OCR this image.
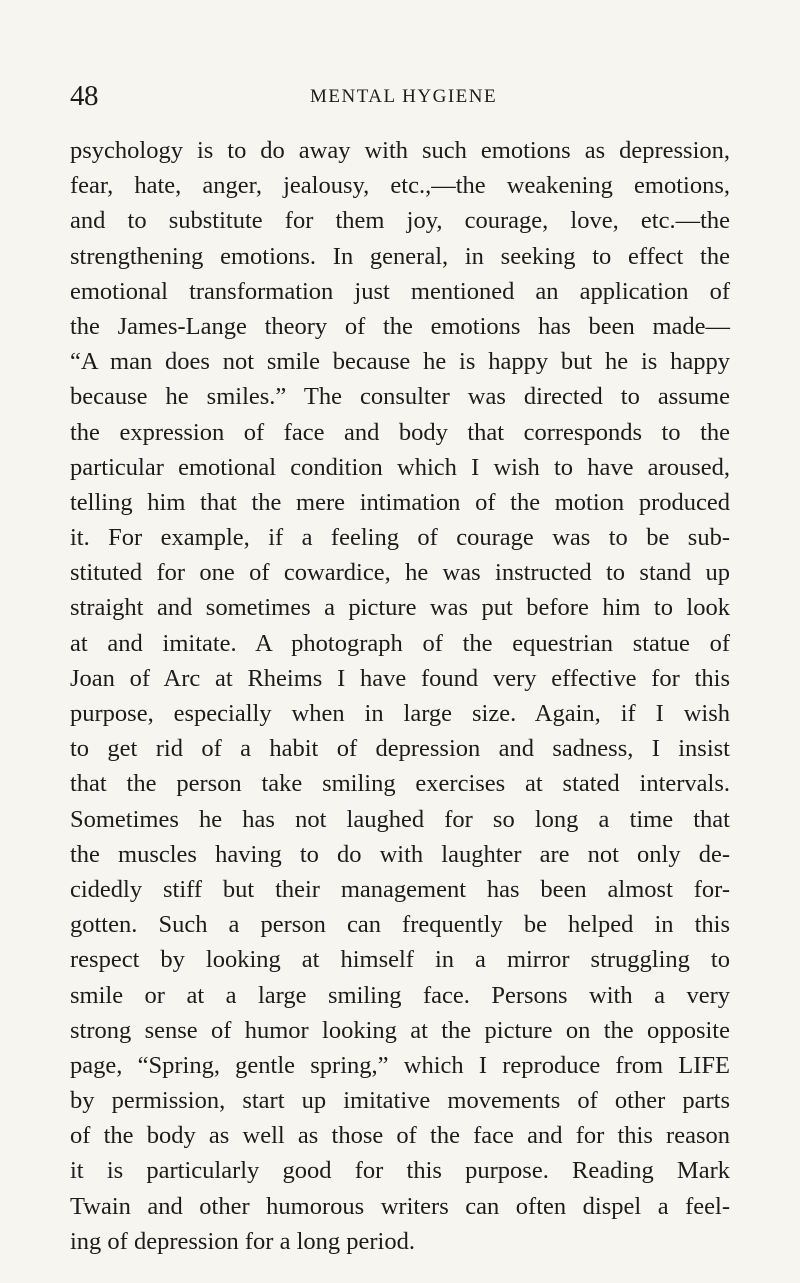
48	MENTAL HYGIENE
psychology is to do away with such emotions as depression,
fear, hate, anger, jealousy, etc.,—the weakening emotions,
and to substitute for them joy, courage, love, etc.—the
strengthening emotions. In general, in seeking to effect the
emotional transformation just mentioned an application of
the James-Lange theory of the emotions has been made—
“A man does not smile because he is happy but he is happy
because he smiles.” The consulter was directed to assume
the expression of face and body that corresponds to the
particular emotional condition which I wish to have aroused,
telling him that the mere intimation of the motion produced
it. For example, if a feeling of courage was to be sub-
stituted for one of cowardice, he was instructed to stand up
straight and sometimes a picture was put before him to look
at and imitate. A photograph of the equestrian statue of
Joan of Arc at Rheims I have found very effective for this
purpose, especially when in large size. Again, if I wish
to get rid of a habit of depression and sadness, I insist
that the person take smiling exercises at stated intervals.
Sometimes he has not laughed for so long a time that
the muscles having to do with laughter are not only de-
cidedly stiff but their management has been almost for-
gotten. Such a person can frequently be helped in this
respect by looking at himself in a mirror struggling to
smile or at a large smiling face. Persons with a very
strong sense of humor looking at the picture on the opposite
page, “Spring, gentle spring,” which I reproduce from LIFE
by permission, start up imitative movements of other parts
of the body as well as those of the face and for this reason
it is particularly good for this purpose. Reading Mark
Twain and other humorous writers can often dispel a feel-
ing of depression for a long period.
